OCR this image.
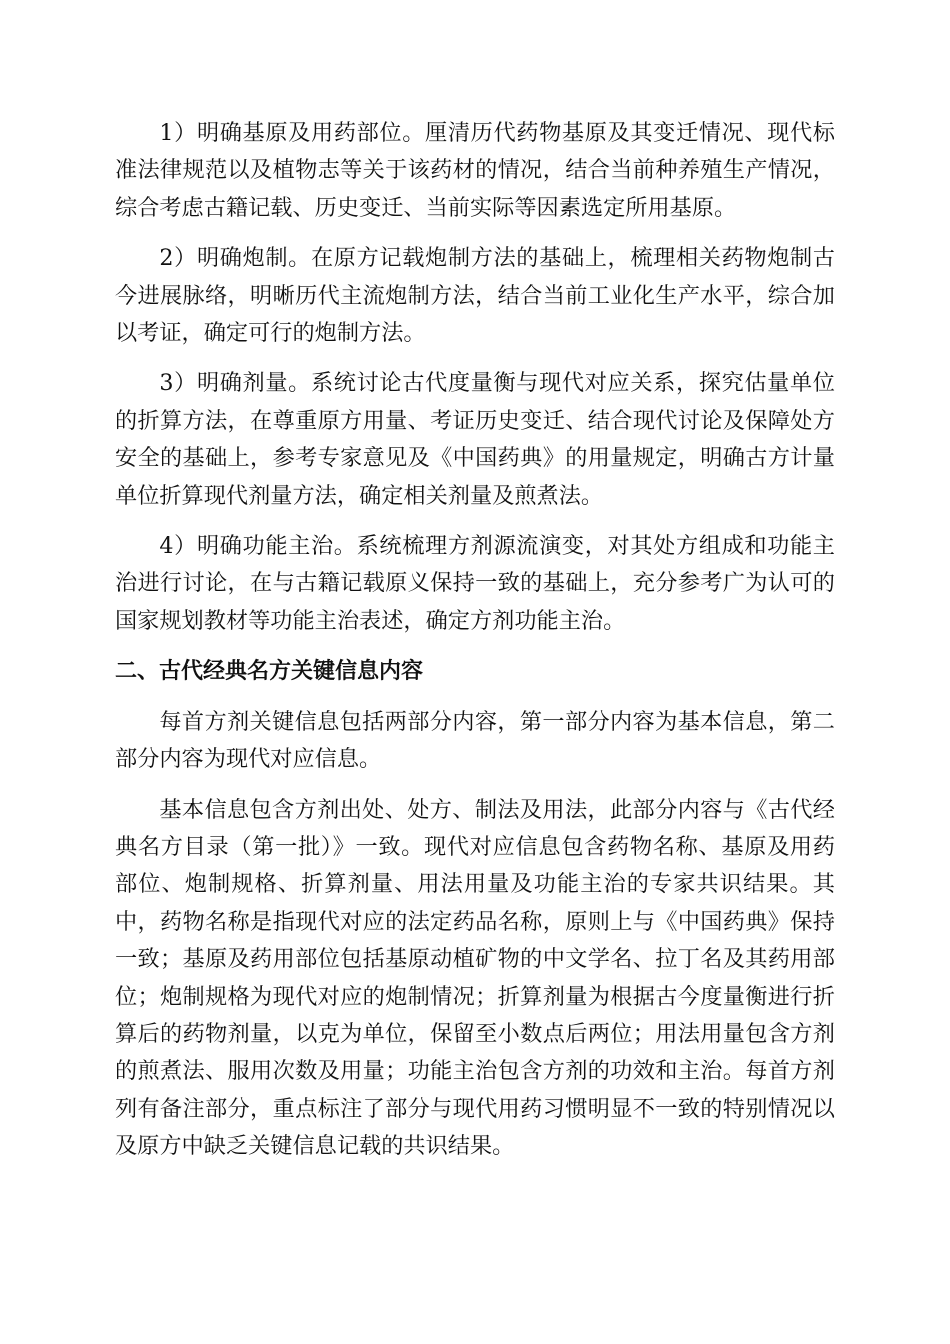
1）明确基原及用药部位。厘清历代药物基原及其变迁情况、现代标准法律规范以及植物志等关于该药材的情况，结合当前种养殖生产情况，综合考虑古籍记载、历史变迁、当前实际等因素选定所用基原。

2）明确炮制。在原方记载炮制方法的基础上，梳理相关药物炮制古今进展脉络，明晰历代主流炮制方法，结合当前工业化生产水平，综合加以考证，确定可行的炮制方法。

3）明确剂量。系统讨论古代度量衡与现代对应关系，探究估量单位的折算方法，在尊重原方用量、考证历史变迁、结合现代讨论及保障处方安全的基础上，参考专家意见及《中国药典》的用量规定，明确古方计量单位折算现代剂量方法，确定相关剂量及煎煮法。

4）明确功能主治。系统梳理方剂源流演变，对其处方组成和功能主治进行讨论，在与古籍记载原义保持一致的基础上，充分参考广为认可的国家规划教材等功能主治表述，确定方剂功能主治。

二、古代经典名方关键信息内容

每首方剂关键信息包括两部分内容，第一部分内容为基本信息，第二部分内容为现代对应信息。

基本信息包含方剂出处、处方、制法及用法，此部分内容与《古代经典名方目录（第一批）》一致。现代对应信息包含药物名称、基原及用药部位、炮制规格、折算剂量、用法用量及功能主治的专家共识结果。其中，药物名称是指现代对应的法定药品名称，原则上与《中国药典》保持一致；基原及药用部位包括基原动植矿物的中文学名、拉丁名及其药用部位；炮制规格为现代对应的炮制情况；折算剂量为根据古今度量衡进行折算后的药物剂量，以克为单位，保留至小数点后两位；用法用量包含方剂的煎煮法、服用次数及用量；功能主治包含方剂的功效和主治。每首方剂列有备注部分，重点标注了部分与现代用药习惯明显不一致的特别情况以及原方中缺乏关键信息记载的共识结果。
